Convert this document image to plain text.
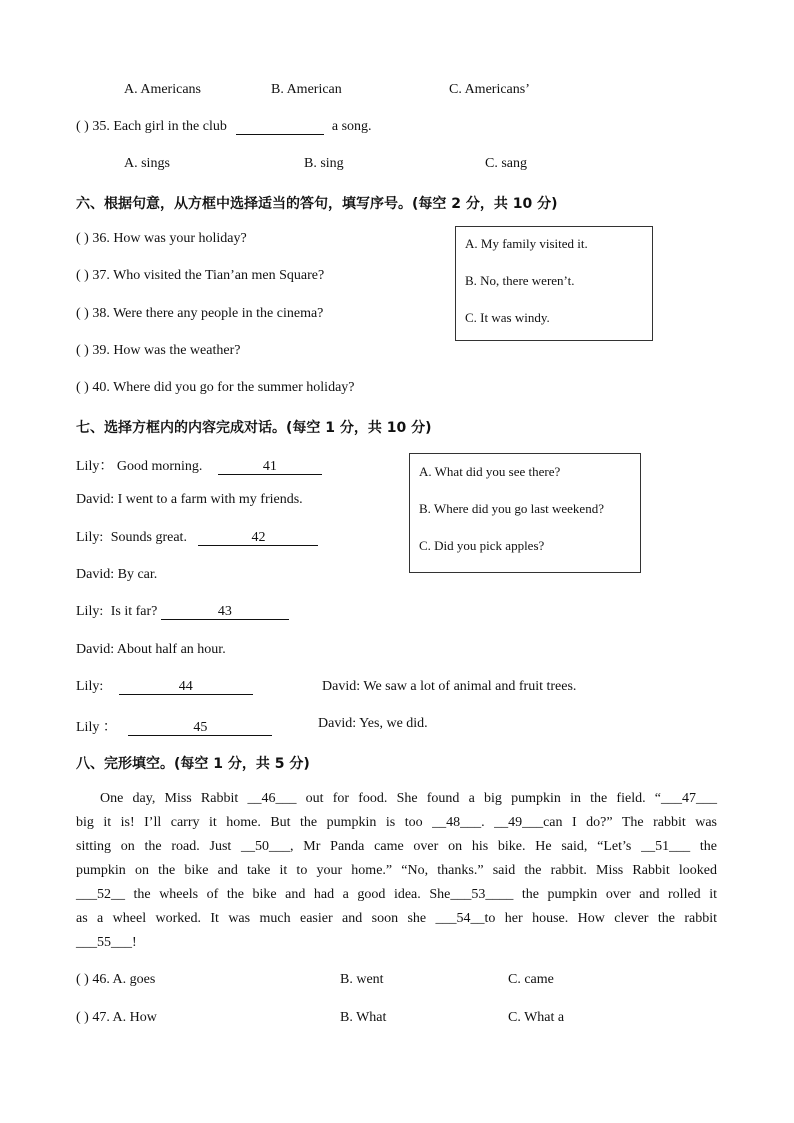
A. Americans	B. American	C. Americans’
( ) 35. Each girl in the club	a song.
A. sings	B. sing	C. sang
六、根据句意，从方框中选择适当的答句，填写序号。(每空 2 分，共 10 分)
( ) 36. How was your holiday?
( ) 37. Who visited the Tian’an men Square?
( ) 38. Were there any people in the cinema?
( ) 39. How was the weather?
( ) 40. Where did you go for the summer holiday?
A. My family visited it.
B. No, there weren’t.
C. It was windy.
七、选择方框内的内容完成对话。(每空 1 分，共 10 分)
Lily： Good morning.	41
David: I went to a farm with my friends.
Lily: Sounds great.	42
David: By car.
Lily: Is it far?	43
David: About half an hour.
Lily:	44	David: We saw a lot of animal and fruit trees.
Lily ：	45	David: Yes, we did.
A. What did you see there?
B. Where did you go last weekend?
C. Did you pick apples?
八、完形填空。(每空 1 分，共 5 分)
One day, Miss Rabbit __46___ out for food. She found a big pumpkin in the field. “___47___
big it is! I’ll carry it home. But the pumpkin is too __48___. __49___can I do?” The rabbit was
sitting on the road. Just __50___, Mr Panda came over on his bike. He said, “Let’s __51___ the
pumpkin on the bike and take it to your home.” “No, thanks.” said the rabbit. Miss Rabbit looked
___52__ the wheels of the bike and had a good idea. She___53____ the pumpkin over and rolled it
as a wheel worked. It was much easier and soon she ___54__to her house. How clever the rabbit
___55___!
( ) 46. A. goes	B. went	C. came
( ) 47. A. How	B. What	C. What a
